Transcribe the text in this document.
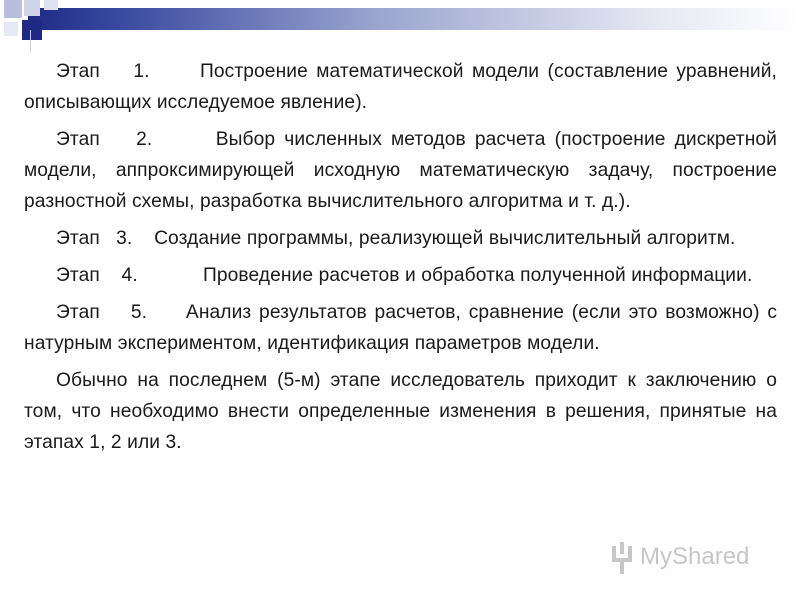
Этап    1.	Построение математической модели (составление уравнений, описывающих исследуемое явление).

Этап    2.	Выбор численных методов расчета (построение дискретной модели, аппроксимирующей исходную математическую задачу, построение разностной схемы, разработка вычислительного алгоритма и т. д.).

Этап   3. Создание программы, реализующей вычислительный алгоритм.

Этап    4.	Проведение расчетов и обработка полученной информации.

Этап    5. Анализ результатов расчетов, сравнение (если это возможно) с натурным экспериментом, идентификация параметров модели.

Обычно на последнем (5-м) этапе исследователь приходит к заключению о том, что необходимо внести определенные изменения в решения, принятые на этапах 1, 2 или 3.

MyShared
